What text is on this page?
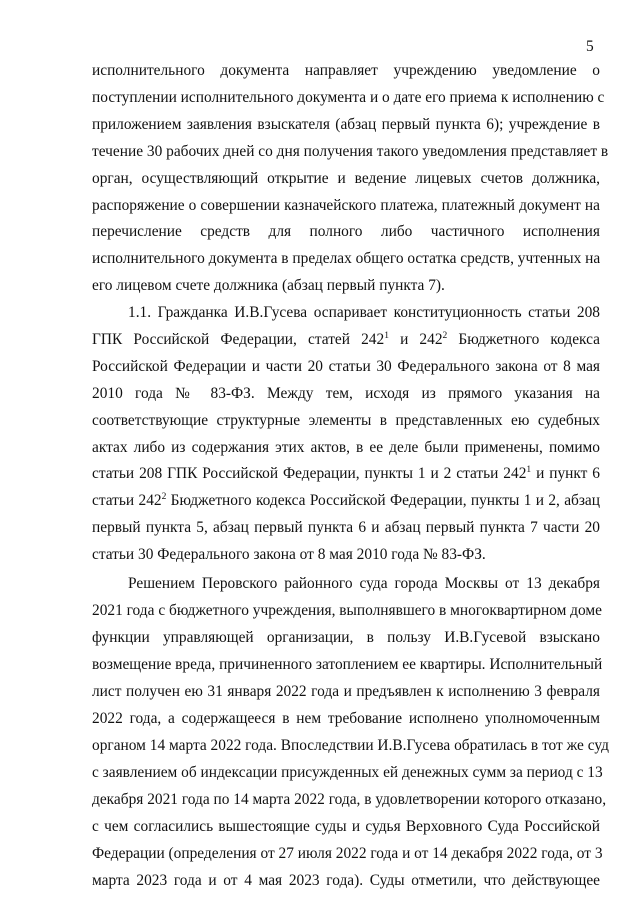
5
исполнительного документа направляет учреждению уведомление о
поступлении исполнительного документа и о дате его приема к исполнению с
приложением заявления взыскателя (абзац первый пункта 6); учреждение в
течение 30 рабочих дней со дня получения такого уведомления представляет в
орган, осуществляющий открытие и ведение лицевых счетов должника,
распоряжение о совершении казначейского платежа, платежный документ на
перечисление средств для полного либо частичного исполнения
исполнительного документа в пределах общего остатка средств, учтенных на
его лицевом счете должника (абзац первый пункта 7).
1.1. Гражданка И.В.Гусева оспаривает конституционность статьи 208
ГПК Российской Федерации, статей $242^1$ и $242^2$ Бюджетного кодекса
Российской Федерации и части 20 статьи 30 Федерального закона от 8 мая
2010 года № 83-ФЗ. Между тем, исходя из прямого указания на
соответствующие структурные элементы в представленных ею судебных
актах либо из содержания этих актов, в ее деле были применены, помимо
статьи 208 ГПК Российской Федерации, пункты 1 и 2 статьи $242^1$ и пункт 6
статьи $242^2$ Бюджетного кодекса Российской Федерации, пункты 1 и 2, абзац
первый пункта 5, абзац первый пункта 6 и абзац первый пункта 7 части 20
статьи 30 Федерального закона от 8 мая 2010 года № 83-ФЗ.
Решением Перовского районного суда города Москвы от 13 декабря
2021 года с бюджетного учреждения, выполнявшего в многоквартирном доме
функции управляющей организации, в пользу И.В.Гусевой взыскано
возмещение вреда, причиненного затоплением ее квартиры. Исполнительный
лист получен ею 31 января 2022 года и предъявлен к исполнению 3 февраля
2022 года, а содержащееся в нем требование исполнено уполномоченным
органом 14 марта 2022 года. Впоследствии И.В.Гусева обратилась в тот же суд
с заявлением об индексации присужденных ей денежных сумм за период с 13
декабря 2021 года по 14 марта 2022 года, в удовлетворении которого отказано,
с чем согласились вышестоящие суды и судья Верховного Суда Российской
Федерации (определения от 27 июля 2022 года и от 14 декабря 2022 года, от 3
марта 2023 года и от 4 мая 2023 года). Суды отметили, что действующее
